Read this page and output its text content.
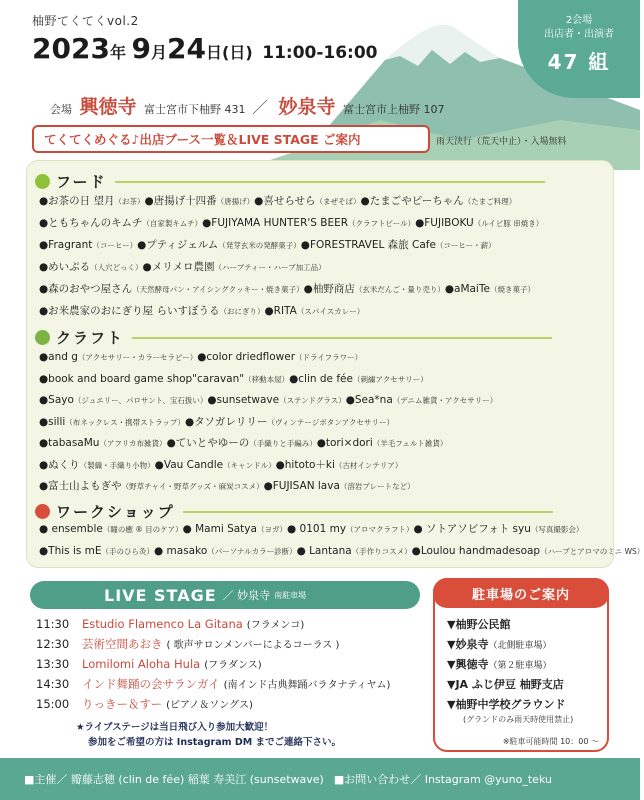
柚野てくてくvol.2
2023年 9月24日(日) 11:00-16:00
会場 興徳寺 富士宮市下柚野 431 ／ 妙泉寺 富士宮市上柚野 107
2会場
出店者・出演者
47 組
てくてくめぐる♪出店ブース一覧＆LIVE STAGE ご案内	雨天決行（荒天中止）・入場無料
フード
●お茶の日 望月（お茶）●唐揚げ十四番（唐揚げ）●喜せらせら（まぜそば）●たまごやピーちゃん（たまご料理）
●ともちゃんのキムチ（自家製キムチ）●FUJIYAMA HUNTER'S BEER（クラフトビール）●FUJIBOKU（ルイビ豚 串焼き）
●Fragrant（コーヒー）●プティジェルム（発芽玄米の発酵菓子）●FORESTRAVEL 森旅 Cafe（コーヒー・薪）
●めいぷる（人穴どっく）●メリメロ農園（ハーブティー・ハーブ加工品）
●森のおやつ屋さん（天然酵母パン・アイシングクッキー・焼き菓子）●柚野商店（玄米だんご・量り売り）●aMaiTe（焼き菓子）
●お米農家のおにぎり屋 らいすぼうる（おにぎり）●RITA（スパイスカレー）
クラフト
●and g（アクセサリー・カラーセラピー）●color driedflower（ドライフラワー）
●book and board game shop"caravan"（移動本屋）●clin de fée（刺繍アクセサリー）
●Sayo（ジュエリー、パロサント、宝石扱い）●sunsetwave（ステンドグラス）●Sea*na（デニム雑貨・アクセサリー）
●silli（布ネックレス・携帯ストラップ）●タソガレリリー（ヴィンテージボタンアクセサリー）
●tabasaMu（アフリカ布雑貨）●ていとやゆーの（手織りと手編み）●tori×dori（羊毛フェルト雑貨）
●ぬくり（製織・手織り小物）●Vau Candle（キャンドル）●hitoto＋ki（古材インテリア）
●富士山よもぎや（野草チャイ・野草グッズ・麻炭コスメ）●FUJISAN lava（溶岩プレートなど）
ワークショップ
● ensemble（瞳の癒 ® 目のケア）● Mami Satya（ヨガ）● 0101 my（アロマクラフト）● ソトアソビフォト syu（写真撮影会）
●This is mE（手のひら灸）● masako（パーソナルカラー診断）● Lantana（手作りコスメ）●Loulou handmadesoap（ハーブとアロマのミニ WS）
LIVE STAGE ／ 妙泉寺 南駐車場
11:30 Estudio Flamenco La Gitana (フラメンコ)
12:30 芸術空間あおき ( 歌声サロンメンバーによるコーラス )
13:30 Lomilomi Aloha Hula (フラダンス)
14:30 インド舞踊の会サランガイ (南インド古典舞踊バラタナティヤム)
15:00 りっきー＆すー (ピアノ＆ソングス)
★ライブステージは当日飛び入り参加大歓迎！
参加をご希望の方は Instagram DM までご連絡下さい。
駐車場のご案内
▼柚野公民館
▼妙泉寺（北側駐車場）
▼興徳寺（第２駐車場）
▼JA ふじ伊豆 柚野支店
▼柚野中学校グラウンド
(グランドのみ雨天時使用禁止)
※駐車可能時間 10：00 ～
■主催／ 瓣藤志穂 (clin de fée) 稲葉 寿美江 (sunsetwave) ■お問い合わせ／ Instagram @yuno_teku
